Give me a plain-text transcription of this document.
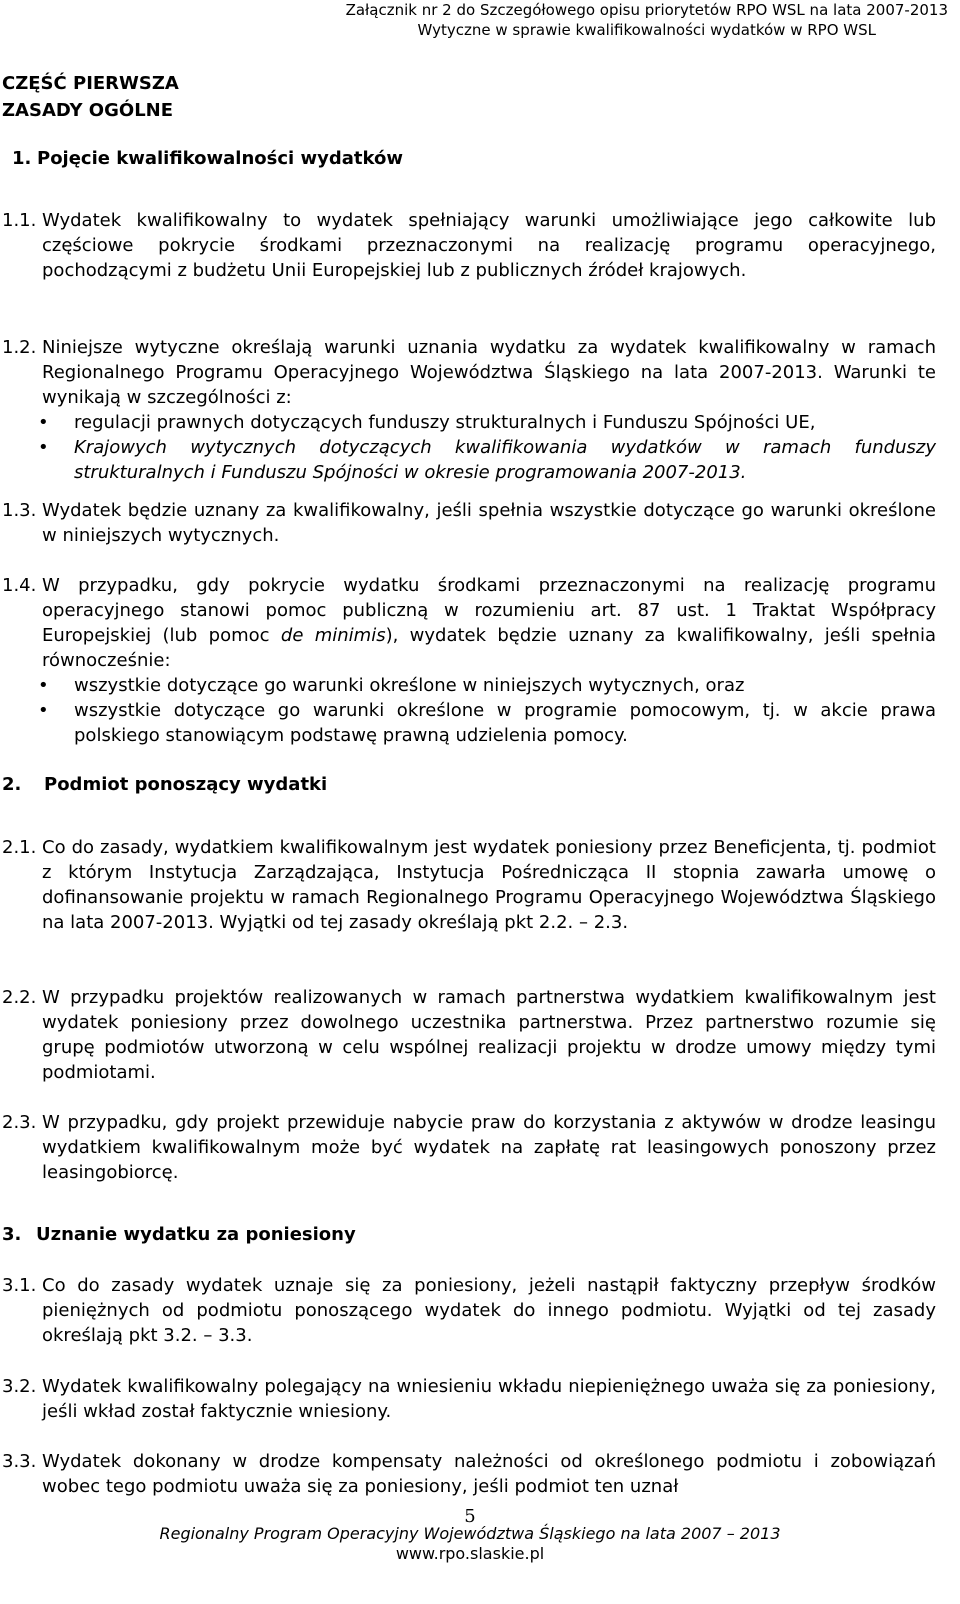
Załącznik nr 2 do Szczegółowego opisu priorytetów RPO WSL na lata 2007-2013
Wytyczne w sprawie kwalifikowalności wydatków w RPO WSL
CZĘŚĆ PIERWSZA
ZASADY OGÓLNE
1. Pojęcie kwalifikowalności wydatków
1.1. Wydatek kwalifikowalny to wydatek spełniający warunki umożliwiające jego całkowite lub częściowe pokrycie środkami przeznaczonymi na realizację programu operacyjnego, pochodzącymi z budżetu Unii Europejskiej lub z publicznych źródeł krajowych.
1.2. Niniejsze wytyczne określają warunki uznania wydatku za wydatek kwalifikowalny w ramach Regionalnego Programu Operacyjnego Województwa Śląskiego na lata 2007-2013. Warunki te wynikają w szczególności z:
• regulacji prawnych dotyczących funduszy strukturalnych i Funduszu Spójności UE,
• Krajowych wytycznych dotyczących kwalifikowania wydatków w ramach funduszy strukturalnych i Funduszu Spójności w okresie programowania 2007-2013.
1.3. Wydatek będzie uznany za kwalifikowalny, jeśli spełnia wszystkie dotyczące go warunki określone w niniejszych wytycznych.
1.4. W przypadku, gdy pokrycie wydatku środkami przeznaczonymi na realizację programu operacyjnego stanowi pomoc publiczną w rozumieniu art. 87 ust. 1 Traktat Współpracy Europejskiej (lub pomoc de minimis), wydatek będzie uznany za kwalifikowalny, jeśli spełnia równocześnie:
• wszystkie dotyczące go warunki określone w niniejszych wytycznych, oraz
• wszystkie dotyczące go warunki określone w programie pomocowym, tj. w akcie prawa polskiego stanowiącym podstawę prawną udzielenia pomocy.
2. Podmiot ponoszący wydatki
2.1. Co do zasady, wydatkiem kwalifikowalnym jest wydatek poniesiony przez Beneficjenta, tj. podmiot z którym Instytucja Zarządzająca, Instytucja Pośrednicząca II stopnia zawarła umowę o dofinansowanie projektu w ramach Regionalnego Programu Operacyjnego Województwa Śląskiego na lata 2007-2013. Wyjątki od tej zasady określają pkt 2.2. – 2.3.
2.2. W przypadku projektów realizowanych w ramach partnerstwa wydatkiem kwalifikowalnym jest wydatek poniesiony przez dowolnego uczestnika partnerstwa. Przez partnerstwo rozumie się grupę podmiotów utworzoną w celu wspólnej realizacji projektu w drodze umowy między tymi podmiotami.
2.3. W przypadku, gdy projekt przewiduje nabycie praw do korzystania z aktywów w drodze leasingu wydatkiem kwalifikowalnym może być wydatek na zapłatę rat leasingowych ponoszony przez leasingobiorcę.
3. Uznanie wydatku za poniesiony
3.1. Co do zasady wydatek uznaje się za poniesiony, jeżeli nastąpił faktyczny przepływ środków pieniężnych od podmiotu ponoszącego wydatek do innego podmiotu. Wyjątki od tej zasady określają pkt 3.2. – 3.3.
3.2. Wydatek kwalifikowalny polegający na wniesieniu wkładu niepieniężnego uważa się za poniesiony, jeśli wkład został faktycznie wniesiony.
3.3. Wydatek dokonany w drodze kompensaty należności od określonego podmiotu i zobowiązań wobec tego podmiotu uważa się za poniesiony, jeśli podmiot ten uznał
5
Regionalny Program Operacyjny Województwa Śląskiego na lata 2007 – 2013
www.rpo.slaskie.pl
